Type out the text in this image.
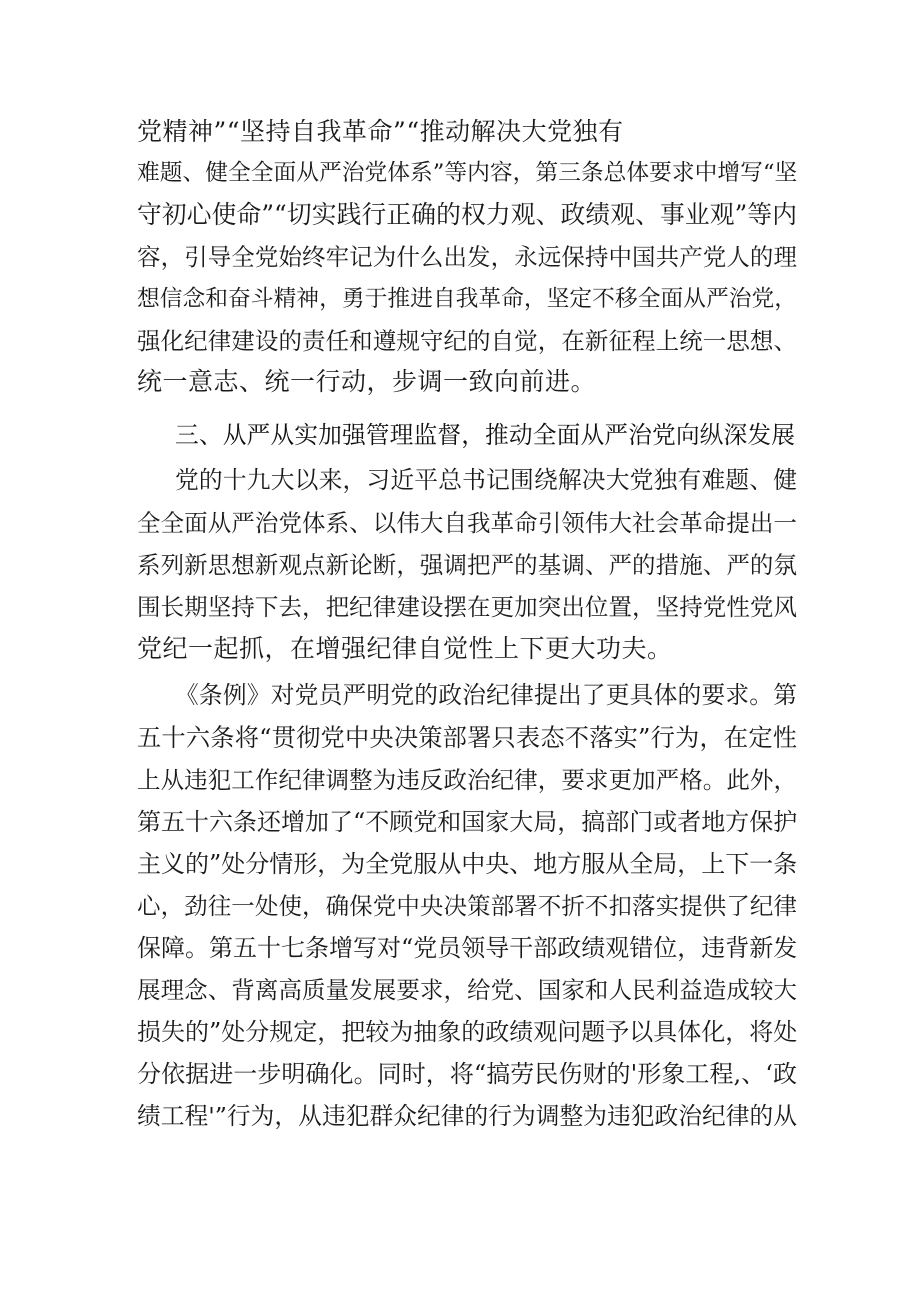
党精神”“坚持自我革命”“推动解决大党独有
难题、健全全面从严治党体系”等内容，第三条总体要求中增写“坚
守初心使命”“切实践行正确的权力观、政绩观、事业观”等内
容，引导全党始终牢记为什么出发，永远保持中国共产党人的理
想信念和奋斗精神，勇于推进自我革命，坚定不移全面从严治党，
强化纪律建设的责任和遵规守纪的自觉，在新征程上统一思想、
统一意志、统一行动，步调一致向前进。
三、从严从实加强管理监督，推动全面从严治党向纵深发展
党的十九大以来，习近平总书记围绕解决大党独有难题、健
全全面从严治党体系、以伟大自我革命引领伟大社会革命提出一
系列新思想新观点新论断，强调把严的基调、严的措施、严的氛
围长期坚持下去，把纪律建设摆在更加突出位置，坚持党性党风
党纪一起抓，在增强纪律自觉性上下更大功夫。
《条例》对党员严明党的政治纪律提出了更具体的要求。第
五十六条将“贯彻党中央决策部署只表态不落实”行为，在定性
上从违犯工作纪律调整为违反政治纪律，要求更加严格。此外，
第五十六条还增加了“不顾党和国家大局，搞部门或者地方保护
主义的”处分情形，为全党服从中央、地方服从全局，上下一条
心，劲往一处使，确保党中央决策部署不折不扣落实提供了纪律
保障。第五十七条增写对“党员领导干部政绩观错位，违背新发
展理念、背离高质量发展要求，给党、国家和人民利益造成较大
损失的”处分规定，把较为抽象的政绩观问题予以具体化，将处
分依据进一步明确化。同时，将“搞劳民伤财的'形象工程,、‘政
绩工程'”行为，从违犯群众纪律的行为调整为违犯政治纪律的从
